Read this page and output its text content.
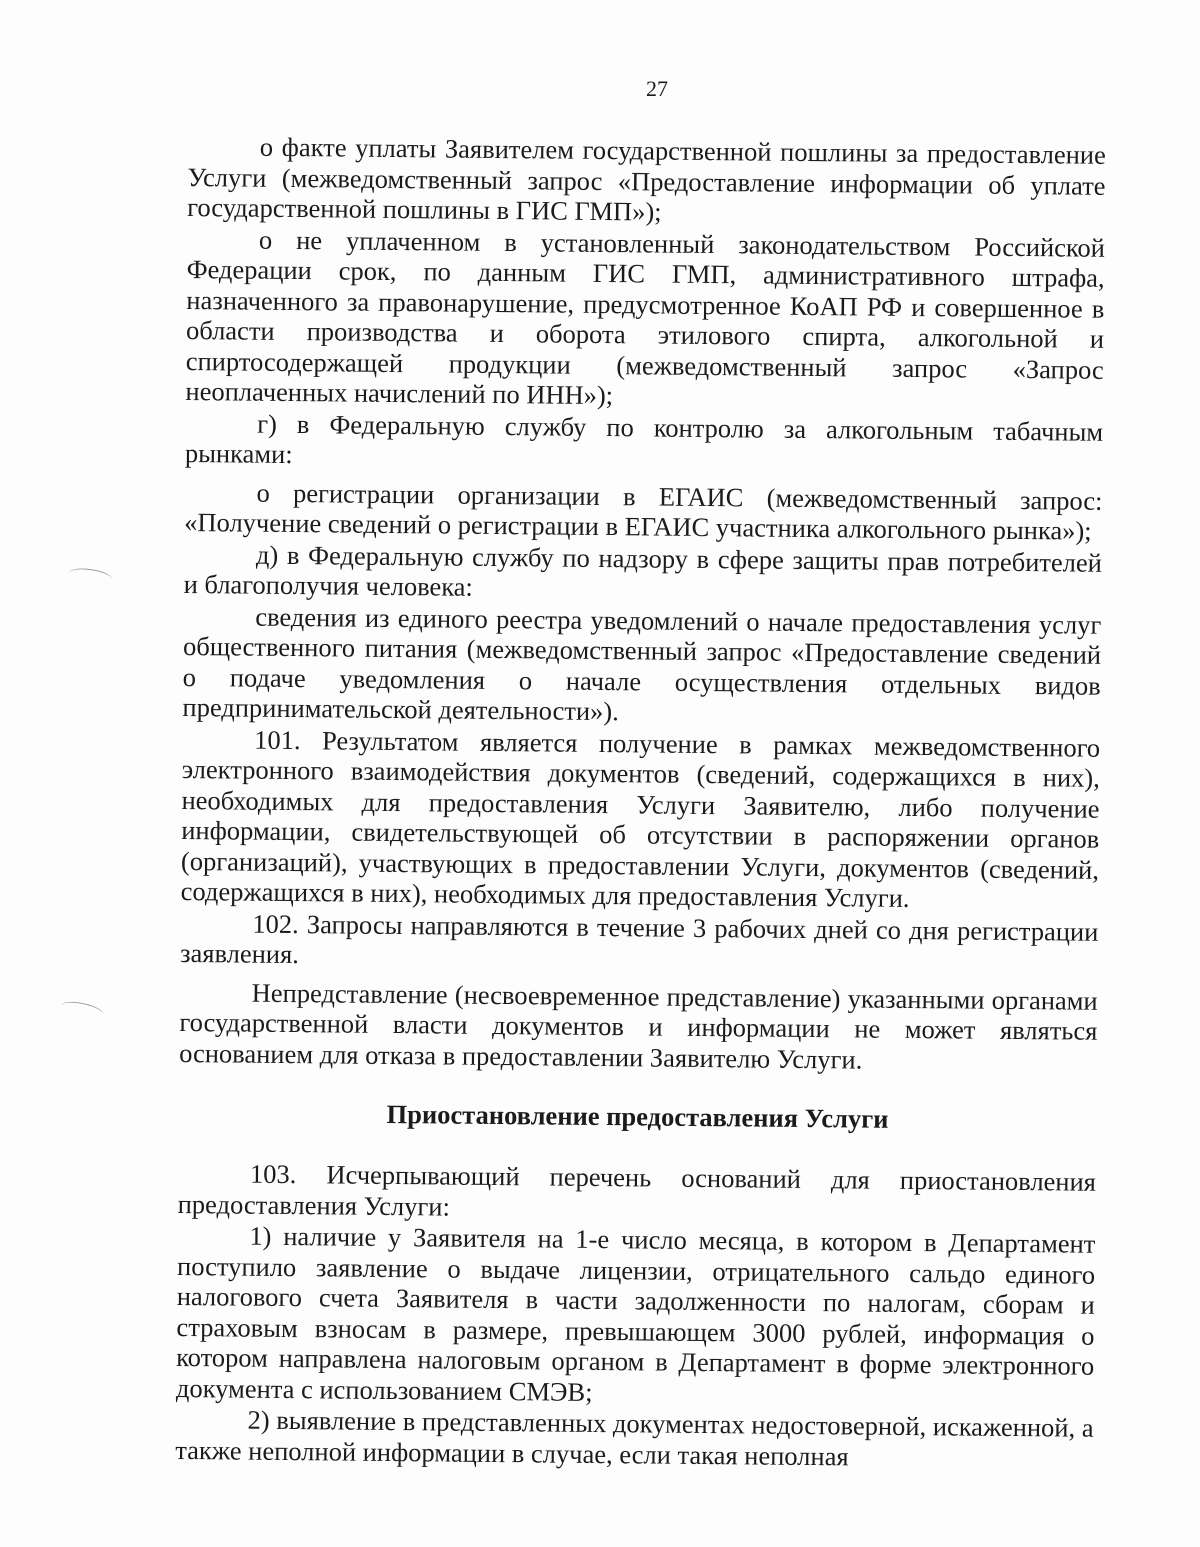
27

о факте уплаты Заявителем государственной пошлины за предоставление Услуги (межведомственный запрос «Предоставление информации об уплате государственной пошлины в ГИС ГМП»);

о не уплаченном в установленный законодательством Российской Федерации срок, по данным ГИС ГМП, административного штрафа, назначенного за правонарушение, предусмотренное КоАП РФ и совершенное в области производства и оборота этилового спирта, алкогольной и спиртосодержащей продукции (межведомственный запрос «Запрос неоплаченных начислений по ИНН»);

г) в Федеральную службу по контролю за алкогольным табачным рынками:

о регистрации организации в ЕГАИС (межведомственный запрос: «Получение сведений о регистрации в ЕГАИС участника алкогольного рынка»);

д) в Федеральную службу по надзору в сфере защиты прав потребителей и благополучия человека:

сведения из единого реестра уведомлений о начале предоставления услуг общественного питания (межведомственный запрос «Предоставление сведений о подаче уведомления о начале осуществления отдельных видов предпринимательской деятельности»).

101. Результатом является получение в рамках межведомственного электронного взаимодействия документов (сведений, содержащихся в них), необходимых для предоставления Услуги Заявителю, либо получение информации, свидетельствующей об отсутствии в распоряжении органов (организаций), участвующих в предоставлении Услуги, документов (сведений, содержащихся в них), необходимых для предоставления Услуги.

102. Запросы направляются в течение 3 рабочих дней со дня регистрации заявления.

Непредставление (несвоевременное представление) указанными органами государственной власти документов и информации не может являться основанием для отказа в предоставлении Заявителю Услуги.

Приостановление предоставления Услуги

103. Исчерпывающий перечень оснований для приостановления предоставления Услуги:

1) наличие у Заявителя на 1-е число месяца, в котором в Департамент поступило заявление о выдаче лицензии, отрицательного сальдо единого налогового счета Заявителя в части задолженности по налогам, сборам и страховым взносам в размере, превышающем 3000 рублей, информация о котором направлена налоговым органом в Департамент в форме электронного документа с использованием СМЭВ;

2) выявление в представленных документах недостоверной, искаженной, а также неполной информации в случае, если такая неполная
